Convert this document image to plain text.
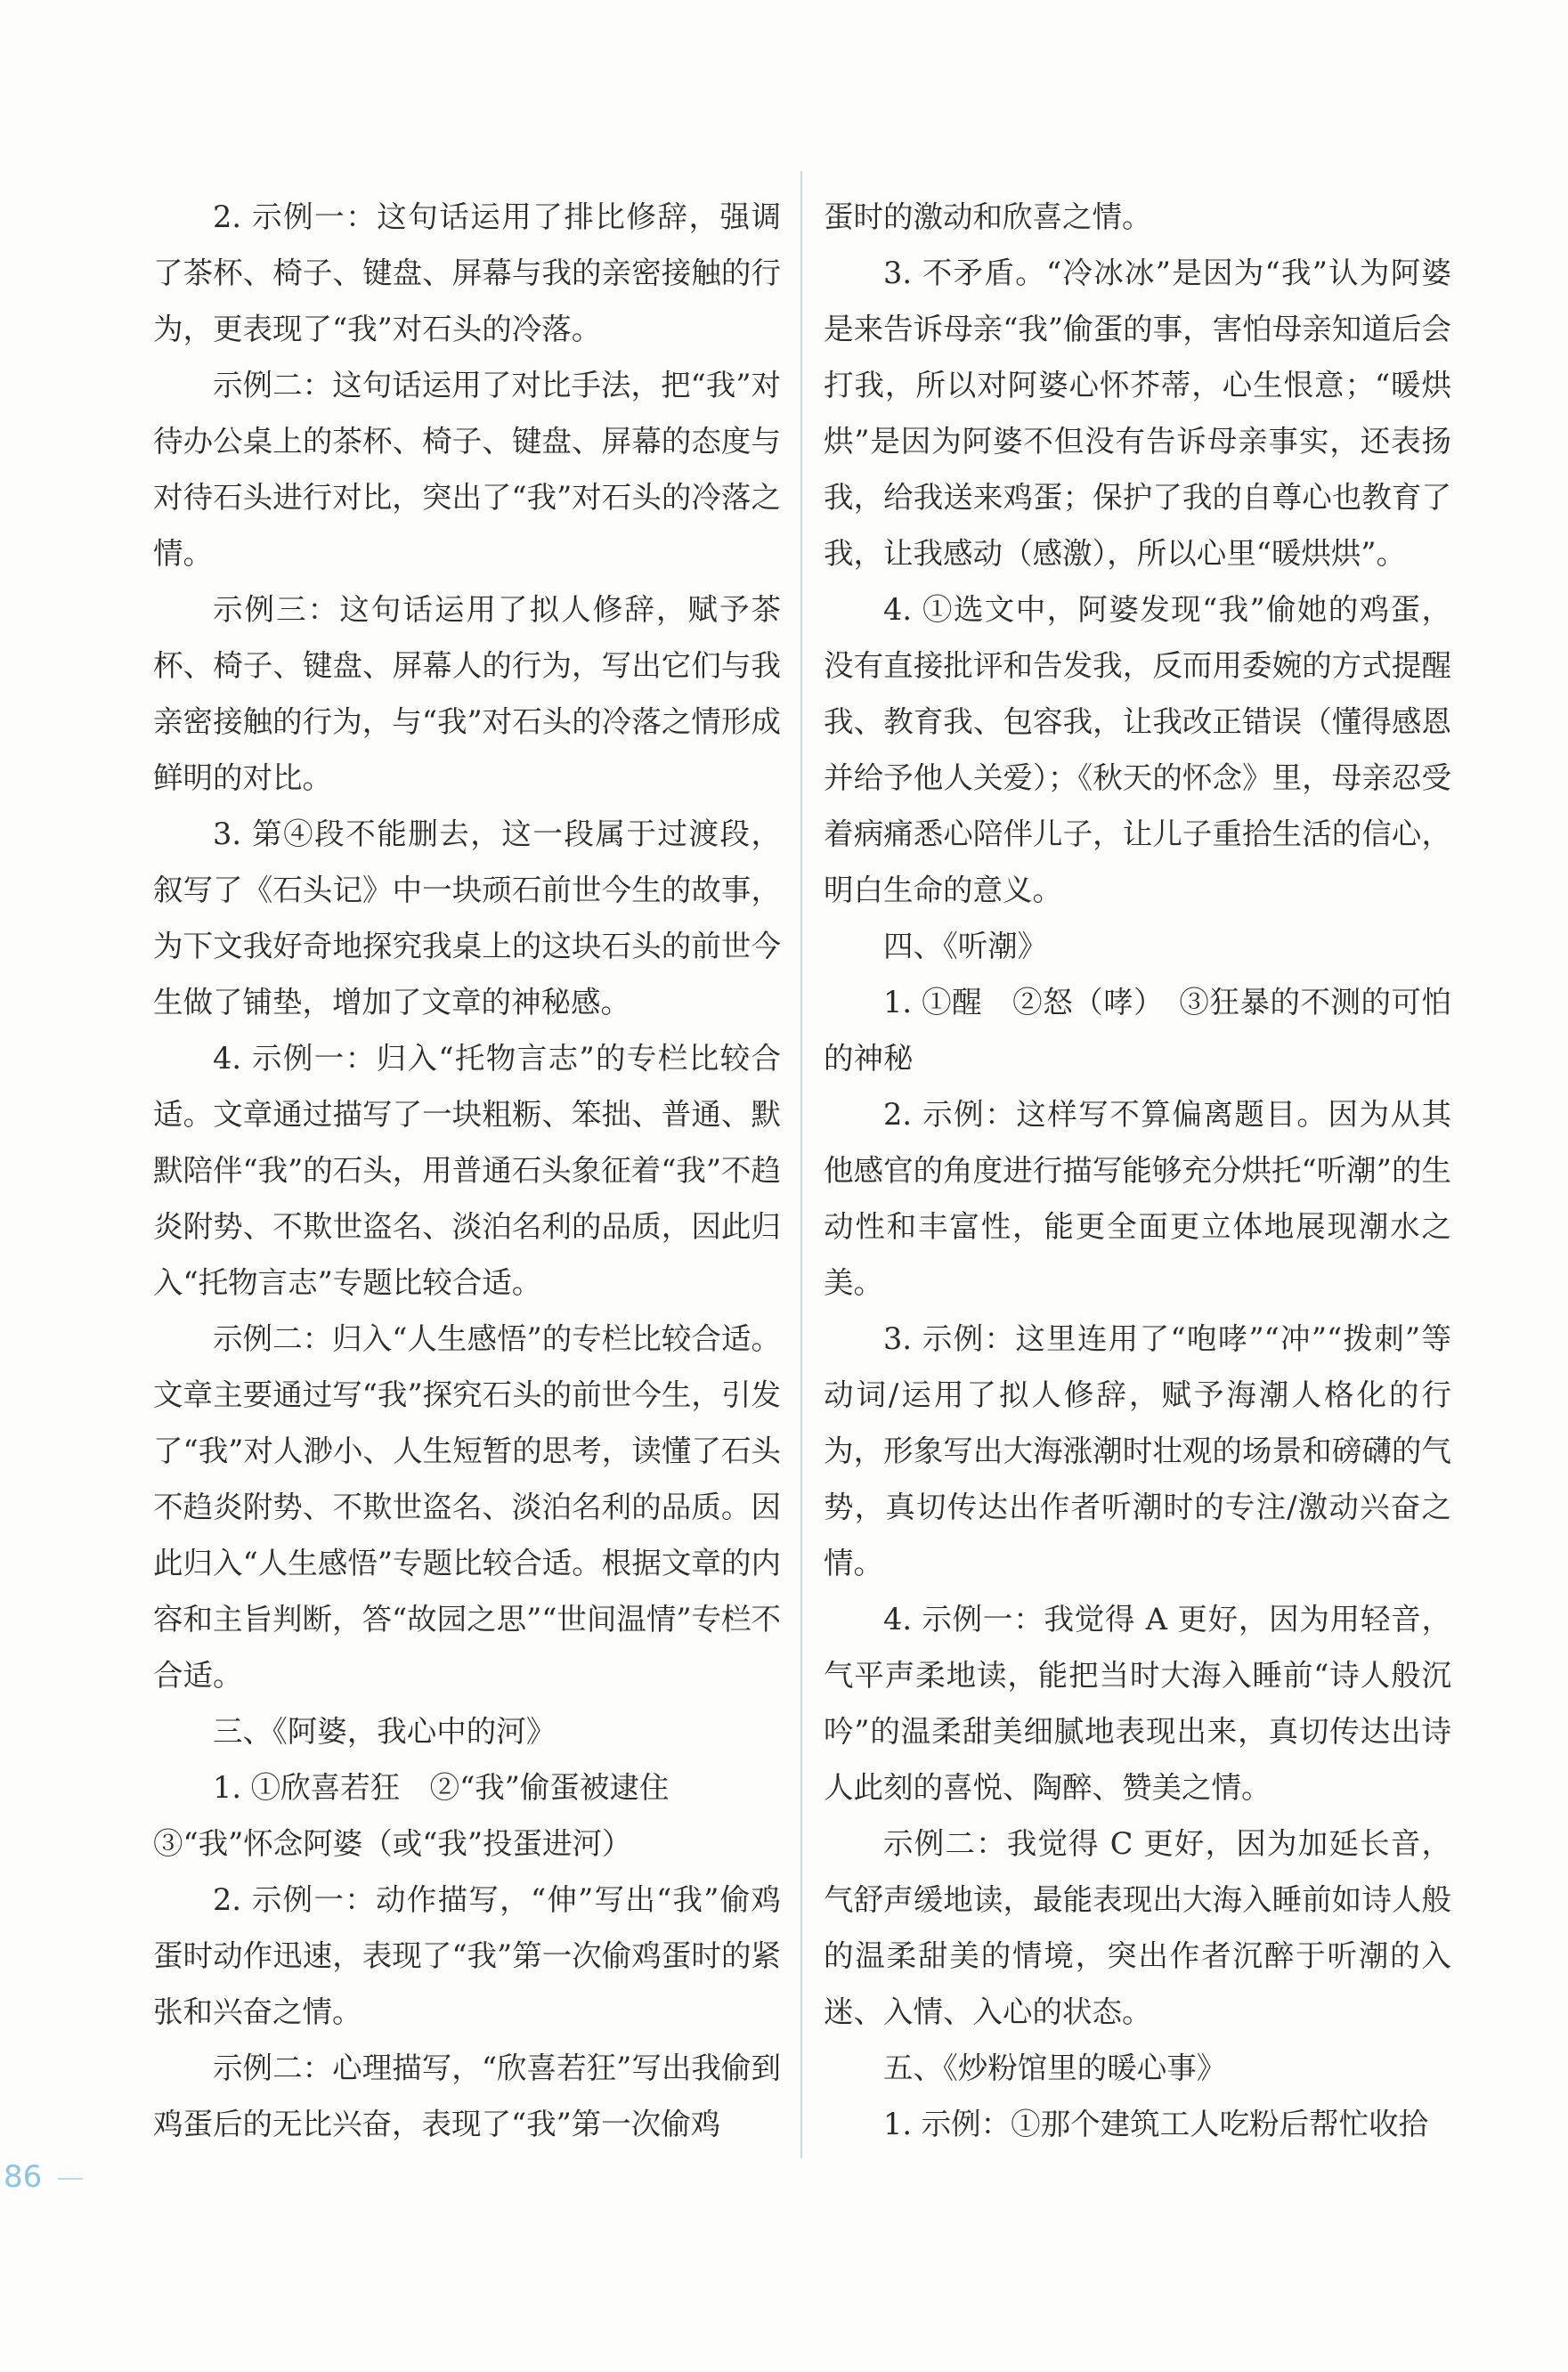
2. 示例一：这句话运用了排比修辞，强调了茶杯、椅子、键盘、屏幕与我的亲密接触的行为，更表现了“我”对石头的冷落。

示例二：这句话运用了对比手法，把“我”对待办公桌上的茶杯、椅子、键盘、屏幕的态度与对待石头进行对比，突出了“我”对石头的冷落之情。

示例三：这句话运用了拟人修辞，赋予茶杯、椅子、键盘、屏幕人的行为，写出它们与我亲密接触的行为，与“我”对石头的冷落之情形成鲜明的对比。

3. 第④段不能删去，这一段属于过渡段，叙写了《石头记》中一块顽石前世今生的故事，为下文我好奇地探究我桌上的这块石头的前世今生做了铺垫，增加了文章的神秘感。

4. 示例一：归入“托物言志”的专栏比较合适。文章通过描写了一块粗粝、笨拙、普通、默默陪伴“我”的石头，用普通石头象征着“我”不趋炎附势、不欺世盗名、淡泊名利的品质，因此归入“托物言志”专题比较合适。

示例二：归入“人生感悟”的专栏比较合适。文章主要通过写“我”探究石头的前世今生，引发了“我”对人渺小、人生短暂的思考，读懂了石头不趋炎附势、不欺世盗名、淡泊名利的品质。因此归入“人生感悟”专题比较合适。根据文章的内容和主旨判断，答“故园之思”“世间温情”专栏不合适。

三、《阿婆，我心中的河》

1. ①欣喜若狂　②“我”偷蛋被逮住

③“我”怀念阿婆（或“我”投蛋进河）

2. 示例一：动作描写，“伸”写出“我”偷鸡蛋时动作迅速，表现了“我”第一次偷鸡蛋时的紧张和兴奋之情。

示例二：心理描写，“欣喜若狂”写出我偷到鸡蛋后的无比兴奋，表现了“我”第一次偷鸡

蛋时的激动和欣喜之情。

3. 不矛盾。“冷冰冰”是因为“我”认为阿婆是来告诉母亲“我”偷蛋的事，害怕母亲知道后会打我，所以对阿婆心怀芥蒂，心生恨意；“暖烘烘”是因为阿婆不但没有告诉母亲事实，还表扬我，给我送来鸡蛋；保护了我的自尊心也教育了我，让我感动（感激），所以心里“暖烘烘”。

4. ①选文中，阿婆发现“我”偷她的鸡蛋，没有直接批评和告发我，反而用委婉的方式提醒我、教育我、包容我，让我改正错误（懂得感恩并给予他人关爱）；《秋天的怀念》里，母亲忍受着病痛悉心陪伴儿子，让儿子重拾生活的信心，明白生命的意义。

四、《听潮》

1. ①醒　②怒（哮）　③狂暴的不测的可怕的神秘

2. 示例：这样写不算偏离题目。因为从其他感官的角度进行描写能够充分烘托“听潮”的生动性和丰富性，能更全面更立体地展现潮水之美。

3. 示例：这里连用了“咆哮”“冲”“拨刺”等动词/运用了拟人修辞，赋予海潮人格化的行为，形象写出大海涨潮时壮观的场景和磅礴的气势，真切传达出作者听潮时的专注/激动兴奋之情。

4. 示例一：我觉得 A 更好，因为用轻音，气平声柔地读，能把当时大海入睡前“诗人般沉吟”的温柔甜美细腻地表现出来，真切传达出诗人此刻的喜悦、陶醉、赞美之情。

示例二：我觉得 C 更好，因为加延长音，气舒声缓地读，最能表现出大海入睡前如诗人般的温柔甜美的情境，突出作者沉醉于听潮的入迷、入情、入心的状态。

五、《炒粉馆里的暖心事》

1. 示例：①那个建筑工人吃粉后帮忙收拾

86
